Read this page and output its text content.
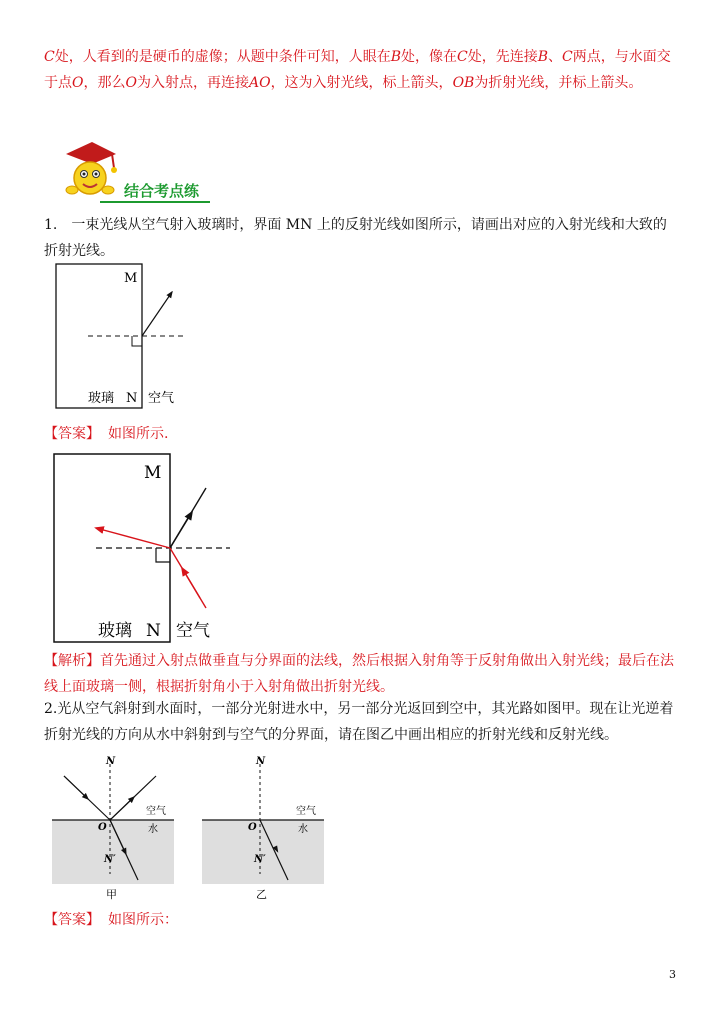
C处，人看到的是硬币的虚像；从题中条件可知，人眼在B处，像在C处，先连接B、C两点，与水面交于点O，那么O为入射点，再连接AO，这为入射光线，标上箭头，OB为折射光线，并标上箭头。

结合考点练

1.　一束光线从空气射入玻璃时，界面 MN 上的反射光线如图所示，请画出对应的入射光线和大致的折射光线。

M
玻璃 N 空气
【答案】 如图所示.
M
玻璃 N 空气

【解析】首先通过入射点做垂直与分界面的法线，然后根据入射角等于反射角做出入射光线；最后在法线上面玻璃一侧，根据折射角小于入射角做出折射光线。

2.光从空气斜射到水面时，一部分光射进水中，另一部分光返回到空中，其光路如图甲。现在让光逆着折射光线的方向从水中斜射到与空气的分界面，请在图乙中画出相应的折射光线和反射光线。

N
空气
水
O
N′
甲
N
空气
水
O
N′
乙
【答案】 如图所示：
3
